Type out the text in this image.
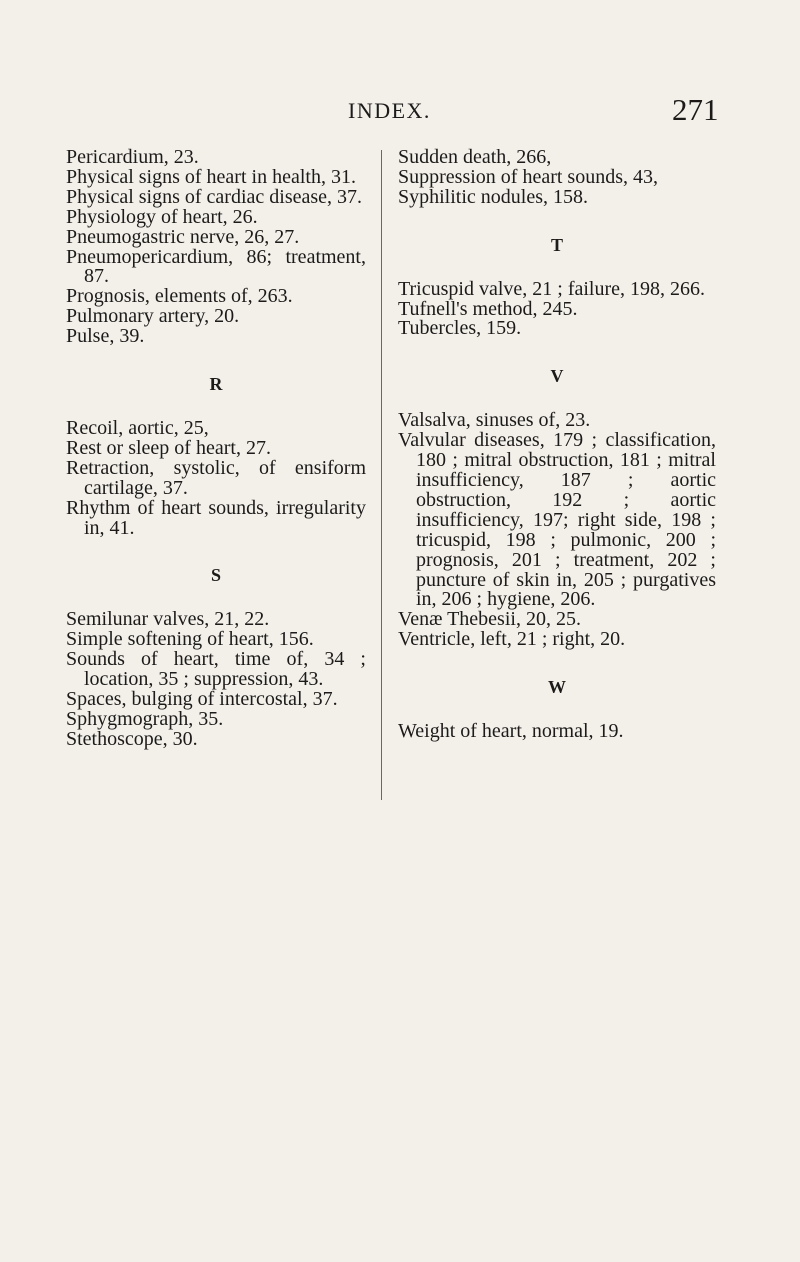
INDEX.	271

Pericardium, 23.

Physical signs of heart in health, 31.

Physical signs of cardiac disease, 37.

Physiology of heart, 26.

Pneumogastric nerve, 26, 27.

Pneumopericardium, 86; treatment, 87.

Prognosis, elements of, 263.

Pulmonary artery, 20.

Pulse, 39.

R

Recoil, aortic, 25,

Rest or sleep of heart, 27.

Retraction, systolic, of ensiform cartilage, 37.

Rhythm of heart sounds, irregularity in, 41.

S

Semilunar valves, 21, 22.

Simple softening of heart, 156.

Sounds of heart, time of, 34 ; location, 35 ; suppression, 43.

Spaces, bulging of intercostal, 37.

Sphygmograph, 35.

Stethoscope, 30.

Sudden death, 266,

Suppression of heart sounds, 43,

Syphilitic nodules, 158.

T

Tricuspid valve, 21 ; failure, 198, 266.

Tufnell's method, 245.

Tubercles, 159.

V

Valsalva, sinuses of, 23.

Valvular diseases, 179 ; classification, 180 ; mitral obstruction, 181 ; mitral insufficiency, 187 ; aortic obstruction, 192 ; aortic insufficiency, 197; right side, 198 ; tricuspid, 198 ; pulmonic, 200 ; prognosis, 201 ; treatment, 202 ; puncture of skin in, 205 ; purgatives in, 206 ; hygiene, 206.

Venæ Thebesii, 20, 25.

Ventricle, left, 21 ; right, 20.

W

Weight of heart, normal, 19.
